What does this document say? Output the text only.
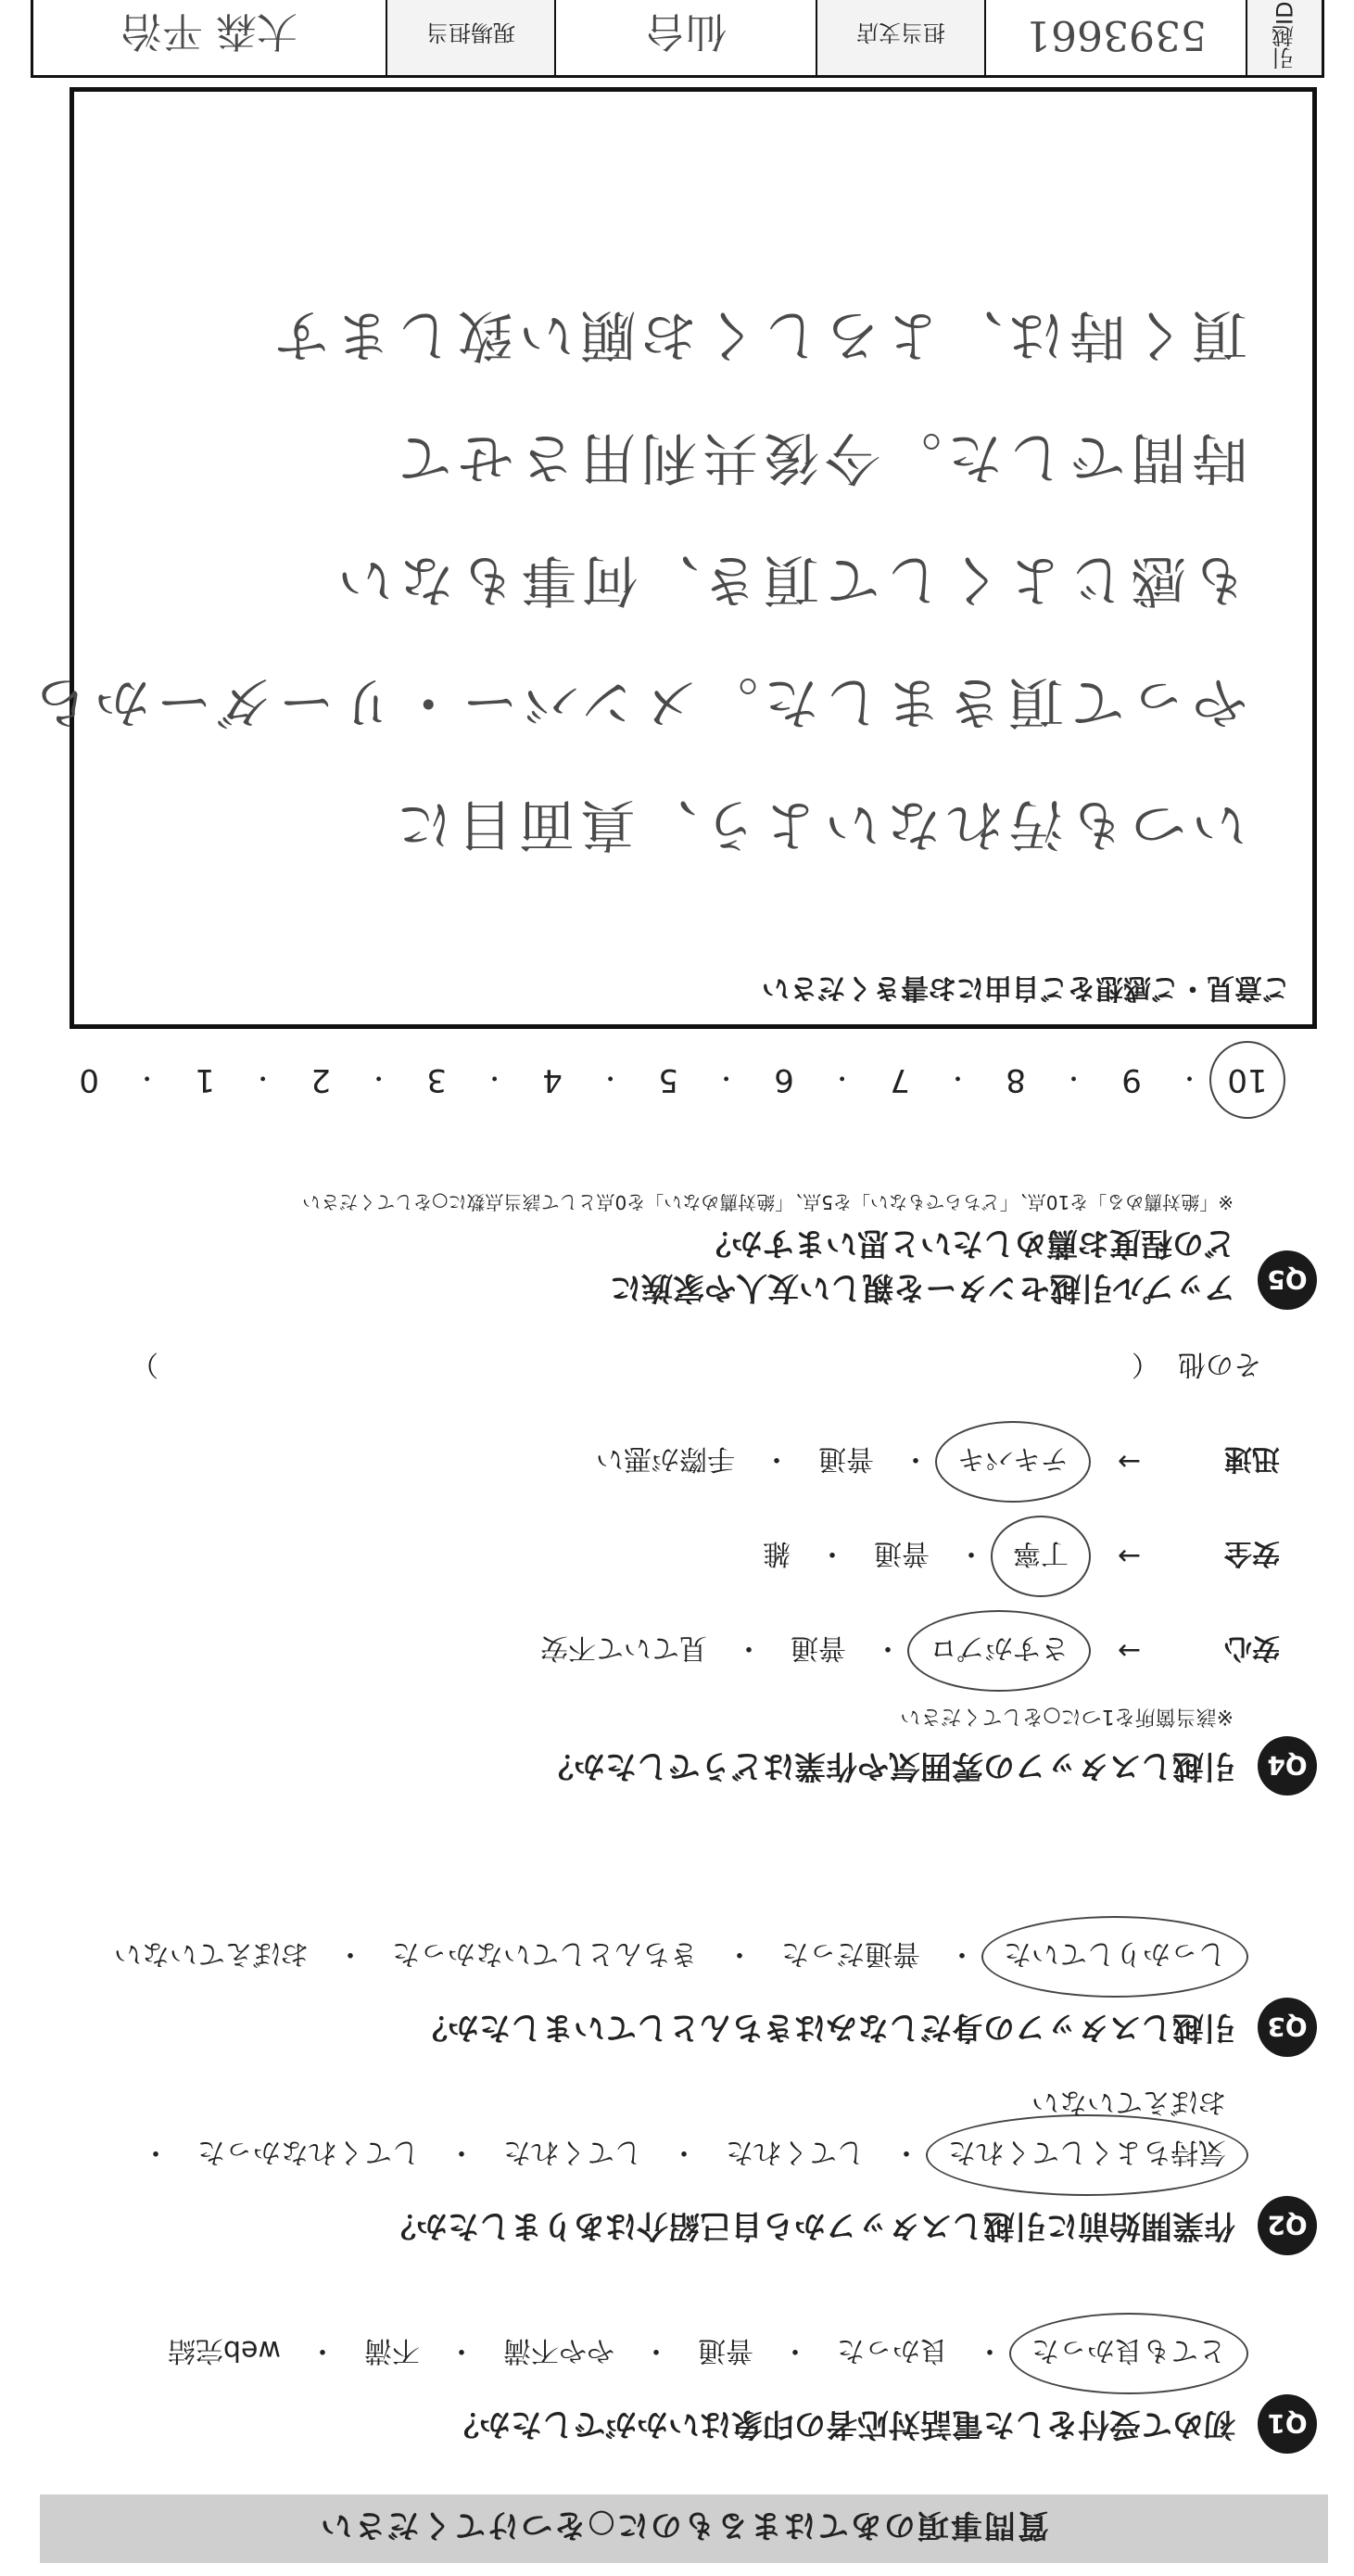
質問事項のあてはまるものに○をつけてください
Q1
初めて受付をした電話対応者の印象はいかがでしたか？
とても良かった
・
良かった
・
普通
・
やや不満
・
不満
・
web完結
Q2
作業開始前に引越しスタッフから自己紹介はありましたか？
気持ちよくしてくれた
・
してくれた
・
してくれた
・
してくれなかった
・
おぼえていない
Q3
引越しスタッフの身だしなみはきちんとしていましたか？
しっかりしていた
・
普通だった
・
きちんとしていなかった
・
おぼえていない
Q4
引越しスタッフの雰囲気や作業はどうでしたか？
※該当箇所を1つに○をしてください
安心
→
さすがプロ
・
普通
・
見ていて不安
安全
→
丁寧
・
普通
・
雑
迅速
→
テキパキ
・
普通
・
手際が悪い
その他
（
）
Q5
アップル引越センターを親しい友人や家族に
どの程度お薦めしたいと思いますか？
※「絶対薦める」を10点、「どちらでもない」を5点、「絶対薦めない」を0点として該当点数に○をしてください
10
・
9
・
8
・
7
・
6
・
5
・
4
・
3
・
2
・
1
・
0
ご意見・ご感想をご自由にお書きください
いつも汚れないよう、真面目に
やって頂きました。メンバー・リーダーから
も感じよくして頂き、何事もない
時間でした。今後共利用させて
頂く時は、よろしくお願い致します
引越ID
5393661
担当支店
仙台
現場担当
大森 平治
